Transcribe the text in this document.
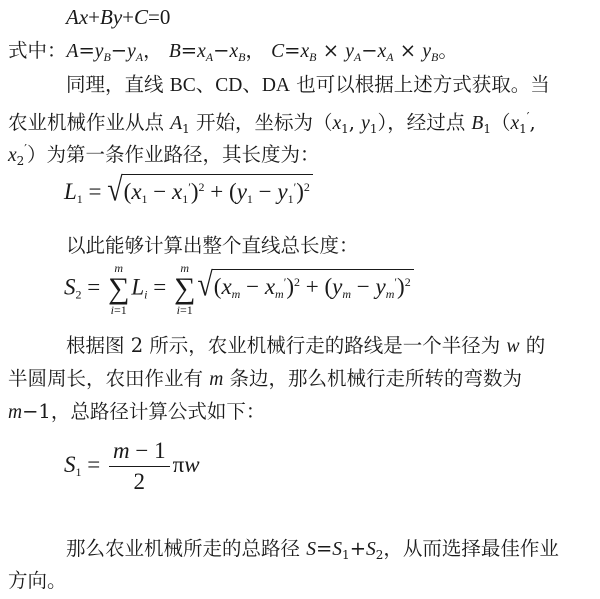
Ax+By+C=0
式中：$A=y_B-y_A$， $B=x_A-x_B$， $C=x_B \times y_A-x_A \times y_B$。
同理，直线 BC、CD、DA 也可以根据上述方式获取。当
农业机械作业从点 $A_1$ 开始，坐标为（$x_1$, $y_1$），经过点 $B_1(x_1'$,
$x_2'$）为第一条作业路径，其长度为：
$L_1 = √(x_1 - x_1')^2 + (y_1 - y_1')^2$
以此能够计算出整个直线总长度：
$S_2$ =
m
∑
i=1
$L_i$ =
m
∑
i=1
$√(x_m - x_m')^2 + (y_m - y_m')^2$
根据图 2 所示，农业机械行走的路线是一个半径为 w 的
半圆周长，农田作业有 m 条边，那么机械行走所转的弯数为
m−1，总路径计算公式如下：
$S_1 = \frac{m - 1}{2}$ πw
那么农业机械所走的总路径 $S=S_1+S_2$，从而选择最佳作业
方向。
